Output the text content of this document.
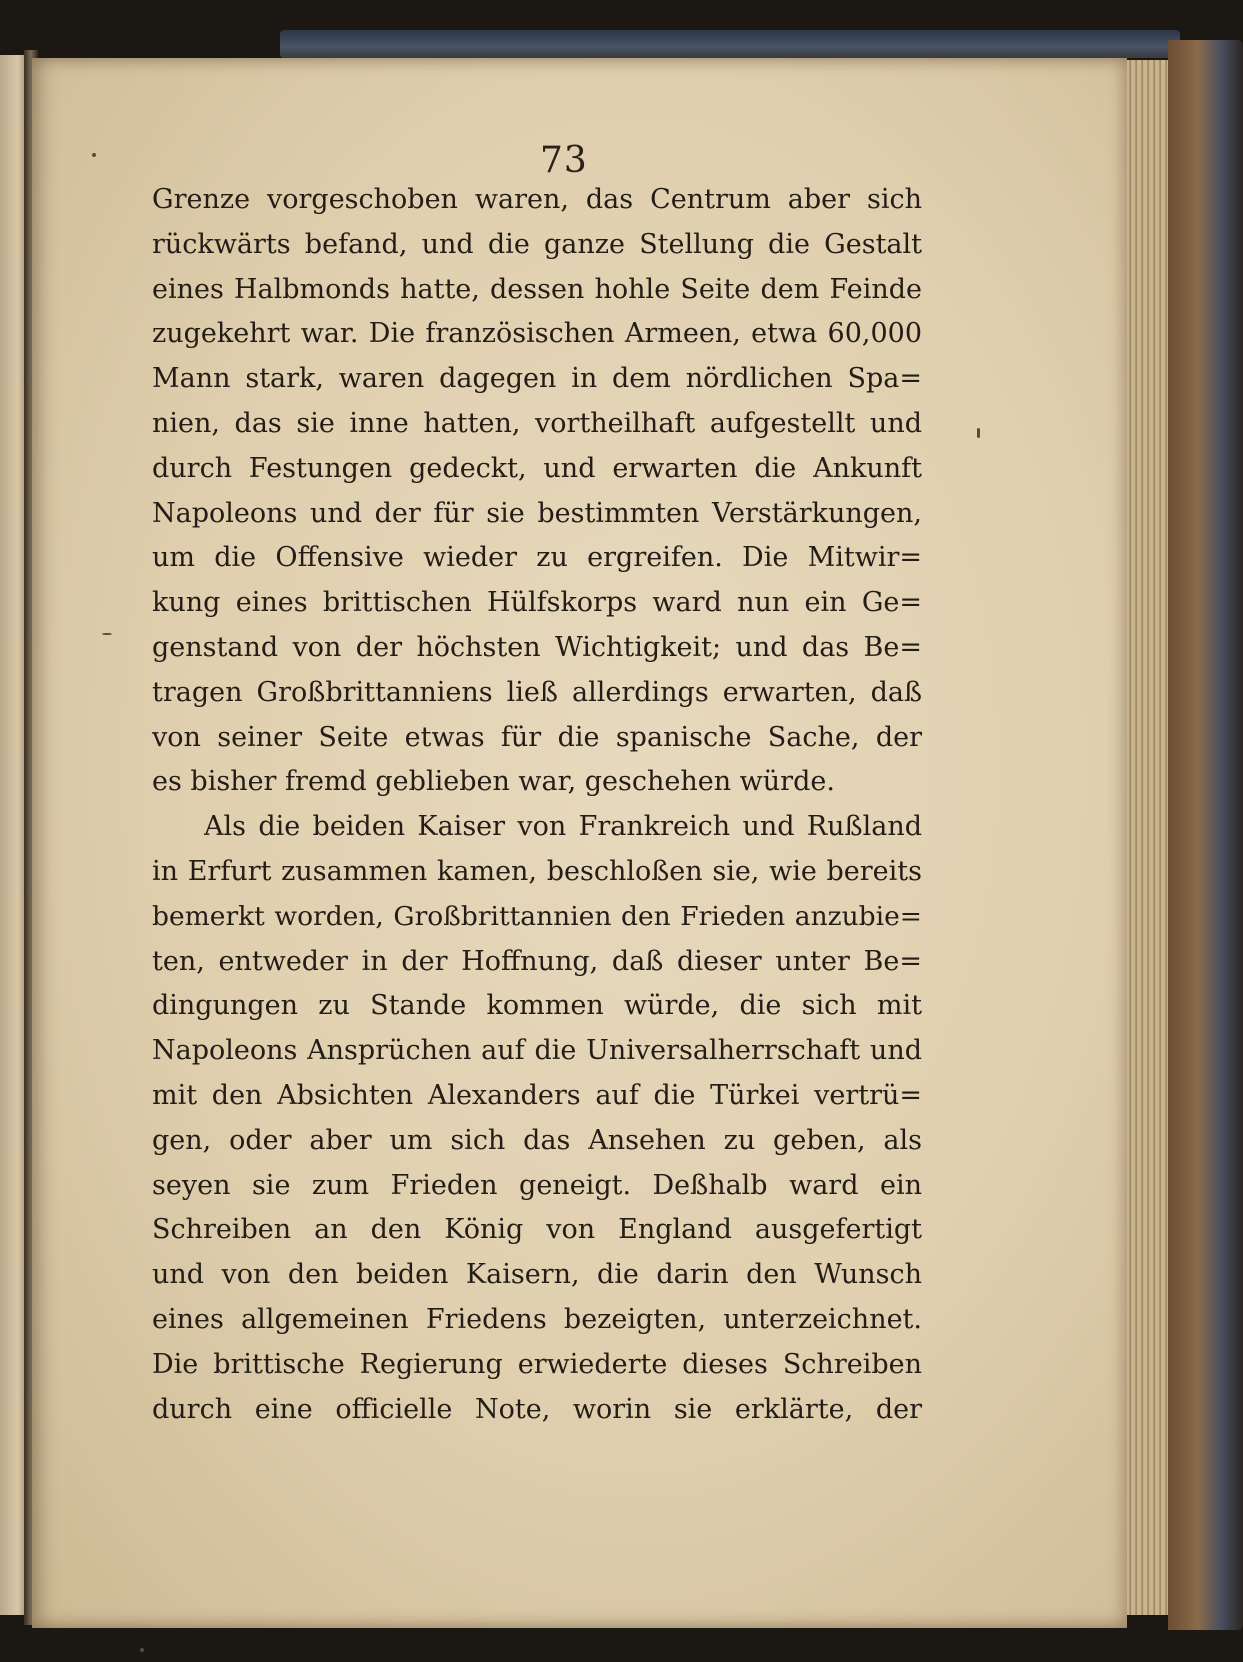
73
Grenze vorgeschoben waren, das Centrum aber sich
rückwärts befand, und die ganze Stellung die Gestalt
eines Halbmonds hatte, dessen hohle Seite dem Feinde
zugekehrt war. Die französischen Armeen, etwa 60,000
Mann stark, waren dagegen in dem nördlichen Spa=
nien, das sie inne hatten, vortheilhaft aufgestellt und
durch Festungen gedeckt, und erwarten die Ankunft
Napoleons und der für sie bestimmten Verstärkungen,
um die Offensive wieder zu ergreifen. Die Mitwir=
kung eines brittischen Hülfskorps ward nun ein Ge=
genstand von der höchsten Wichtigkeit; und das Be=
tragen Großbrittanniens ließ allerdings erwarten, daß
von seiner Seite etwas für die spanische Sache, der
es bisher fremd geblieben war, geschehen würde.
Als die beiden Kaiser von Frankreich und Rußland
in Erfurt zusammen kamen, beschloßen sie, wie bereits
bemerkt worden, Großbrittannien den Frieden anzubie=
ten, entweder in der Hoffnung, daß dieser unter Be=
dingungen zu Stande kommen würde, die sich mit
Napoleons Ansprüchen auf die Universalherrschaft und
mit den Absichten Alexanders auf die Türkei vertrü=
gen, oder aber um sich das Ansehen zu geben, als
seyen sie zum Frieden geneigt. Deßhalb ward ein
Schreiben an den König von England ausgefertigt
und von den beiden Kaisern, die darin den Wunsch
eines allgemeinen Friedens bezeigten, unterzeichnet.
Die brittische Regierung erwiederte dieses Schreiben
durch eine officielle Note, worin sie erklärte, der
